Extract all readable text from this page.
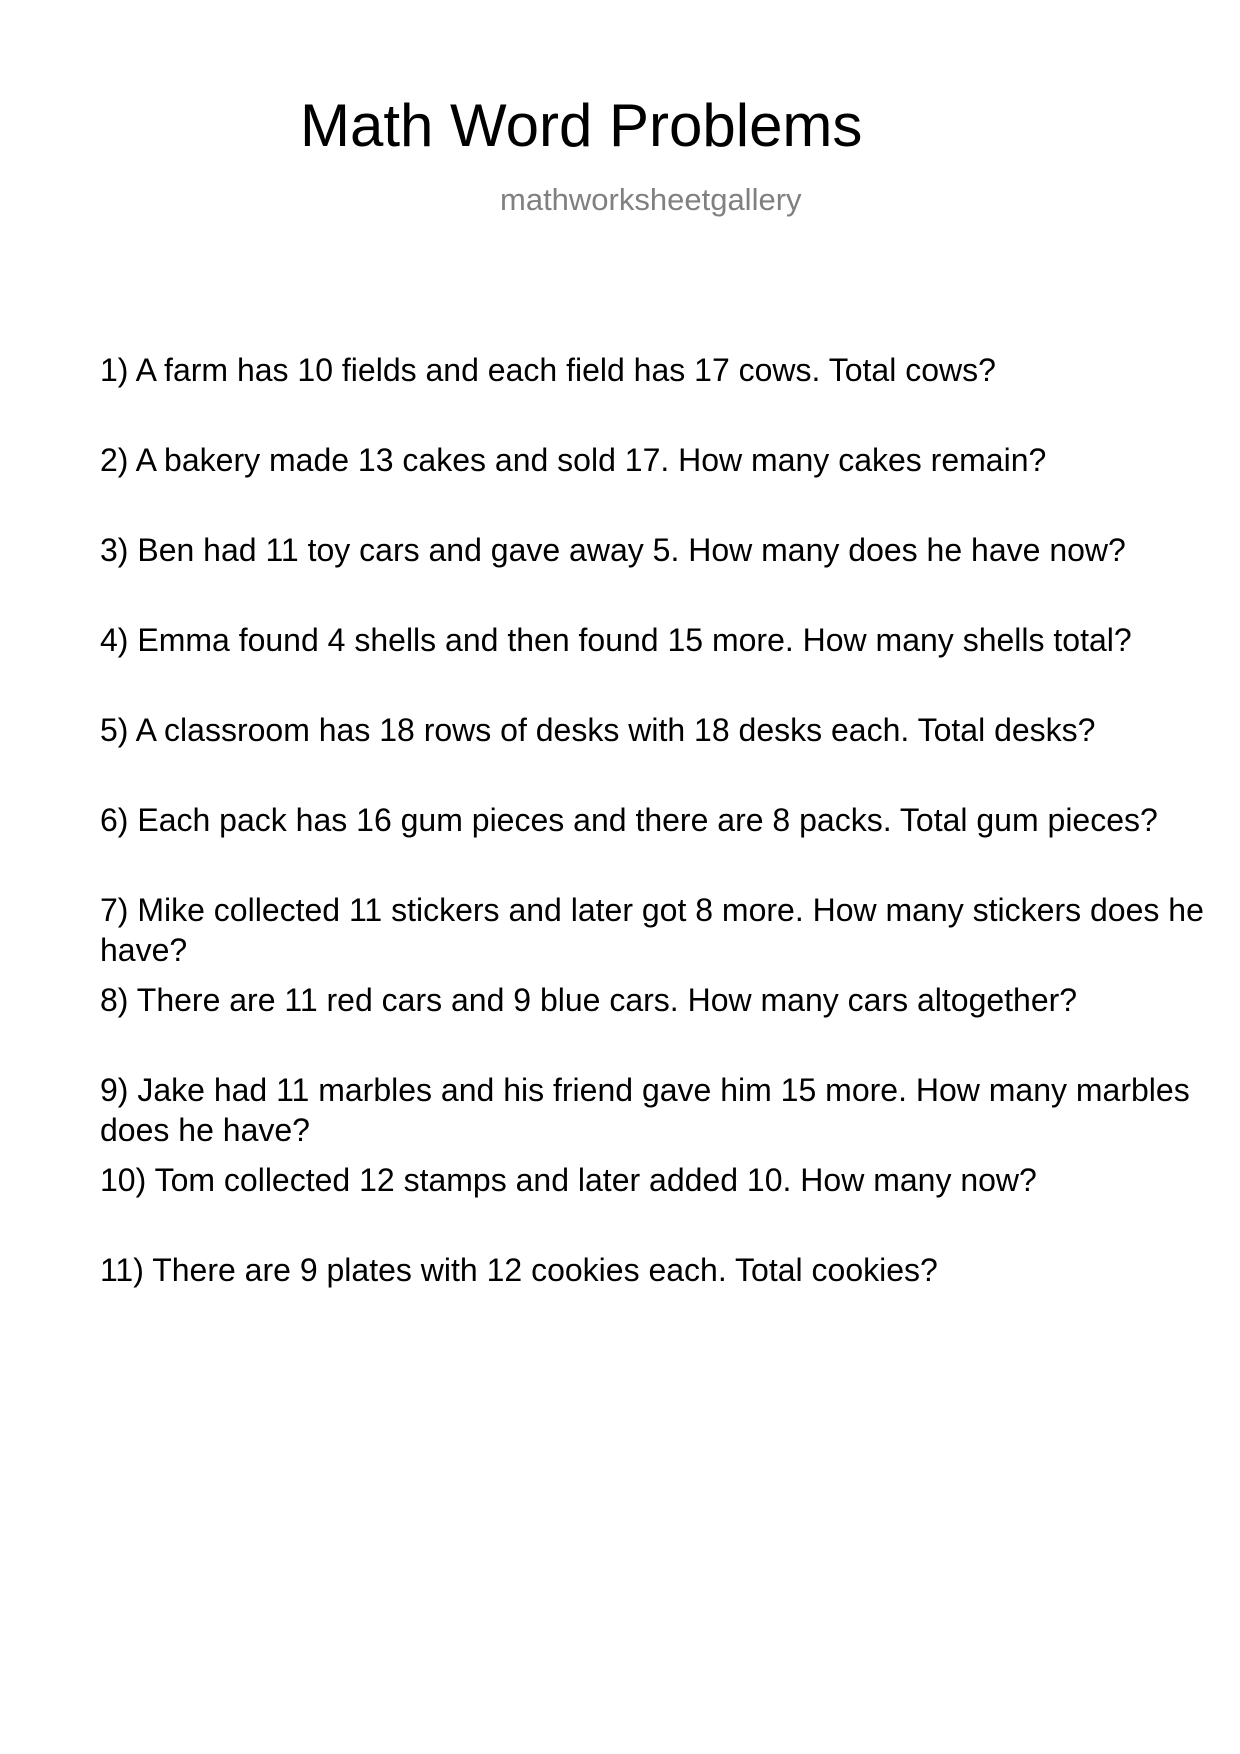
Math Word Problems
mathworksheetgallery
1) A farm has 10 fields and each field has 17 cows. Total cows?
2) A bakery made 13 cakes and sold 17. How many cakes remain?
3) Ben had 11 toy cars and gave away 5. How many does he have now?
4) Emma found 4 shells and then found 15 more. How many shells total?
5) A classroom has 18 rows of desks with 18 desks each. Total desks?
6) Each pack has 16 gum pieces and there are 8 packs. Total gum pieces?
7) Mike collected 11 stickers and later got 8 more. How many stickers does he have?
8) There are 11 red cars and 9 blue cars. How many cars altogether?
9) Jake had 11 marbles and his friend gave him 15 more. How many marbles does he have?
10) Tom collected 12 stamps and later added 10. How many now?
11) There are 9 plates with 12 cookies each. Total cookies?
